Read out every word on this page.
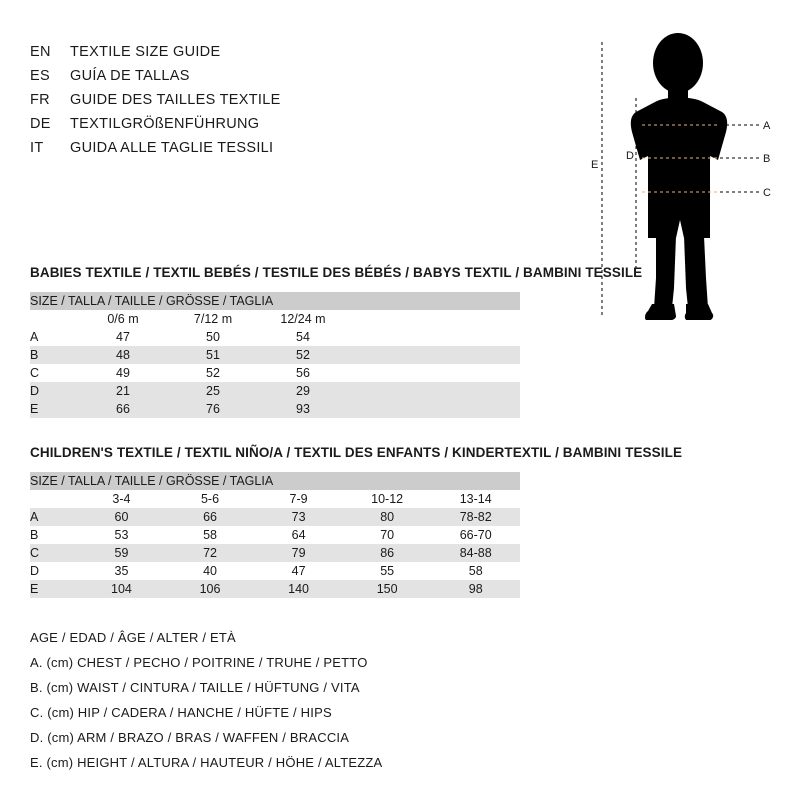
EN	TEXTILE SIZE GUIDE
ES	GUÍA DE TALLAS
FR	GUIDE DES TAILLES TEXTILE
DE	TEXTILGRÖßENFÜHRUNG
IT	GUIDA ALLE TAGLIE TESSILI
A
B
C
D
E
BABIES TEXTILE / TEXTIL BEBÉS / TESTILE DES BÉBÉS / BABYS TEXTIL / BAMBINI TESSILE
SIZE / TALLA / TAILLE / GRÖSSE / TAGLIA				
	0/6 m	7/12 m	12/24 m	
A	47	50	54	
B	48	51	52	
C	49	52	56	
D	21	25	29	
E	66	76	93	
CHILDREN'S TEXTILE / TEXTIL NIÑO/A / TEXTIL DES ENFANTS / KINDERTEXTIL / BAMBINI TESSILE
SIZE / TALLA / TAILLE / GRÖSSE / TAGLIA					
	3-4	5-6	7-9	10-12	13-14
A	60	66	73	80	78-82
B	53	58	64	70	66-70
C	59	72	79	86	84-88
D	35	40	47	55	58
E	104	106	140	150	98
AGE / EDAD / ÂGE / ALTER / ETÀ
A. (cm) CHEST / PECHO / POITRINE / TRUHE / PETTO
B. (cm) WAIST / CINTURA / TAILLE / HÜFTUNG / VITA
C. (cm) HIP / CADERA / HANCHE / HÜFTE / HIPS
D. (cm) ARM / BRAZO / BRAS / WAFFEN / BRACCIA
E. (cm) HEIGHT / ALTURA / HAUTEUR / HÖHE / ALTEZZA
